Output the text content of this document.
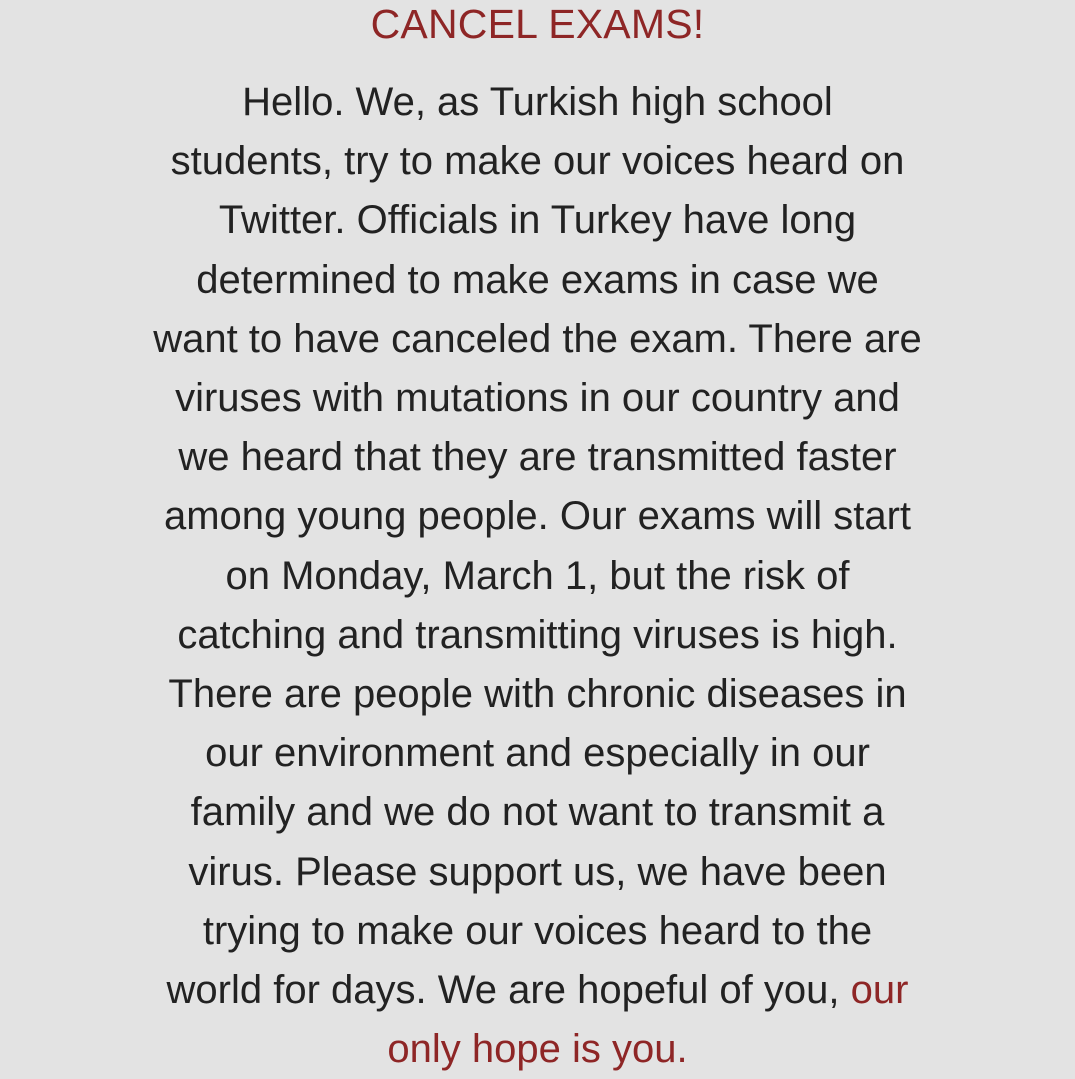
CANCEL EXAMS!
Hello. We, as Turkish high school
students, try to make our voices heard on
Twitter. Officials in Turkey have long
determined to make exams in case we
want to have canceled the exam. There are
viruses with mutations in our country and
we heard that they are transmitted faster
among young people. Our exams will start
on Monday, March 1, but the risk of
catching and transmitting viruses is high.
There are people with chronic diseases in
our environment and especially in our
family and we do not want to transmit a
virus. Please support us, we have been
trying to make our voices heard to the
world for days. We are hopeful of you, our
only hope is you.
